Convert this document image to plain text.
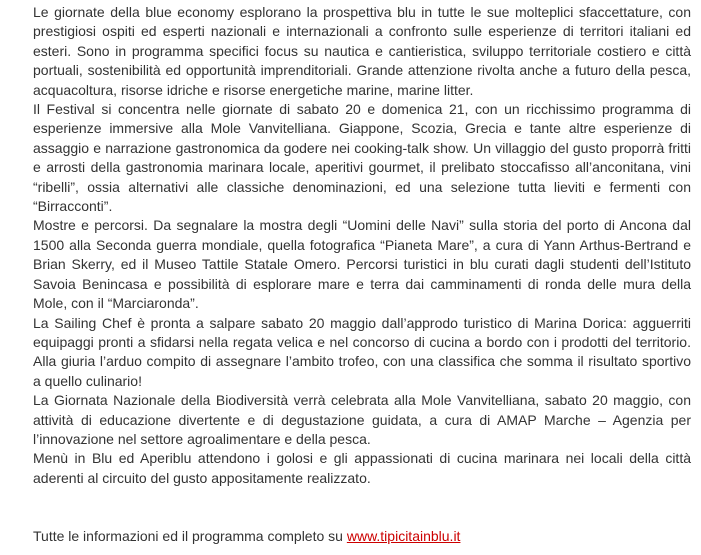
Le giornate della blue economy esplorano la prospettiva blu in tutte le sue molteplici sfaccettature, con prestigiosi ospiti ed esperti nazionali e internazionali a confronto sulle esperienze di territori italiani ed esteri. Sono in programma specifici focus su nautica e cantieristica, sviluppo territoriale costiero e città portuali, sostenibilità ed opportunità imprenditoriali. Grande attenzione rivolta anche a futuro della pesca, acquacoltura, risorse idriche e risorse energetiche marine, marine litter.

Il Festival si concentra nelle giornate di sabato 20 e domenica 21, con un ricchissimo programma di esperienze immersive alla Mole Vanvitelliana. Giappone, Scozia, Grecia e tante altre esperienze di assaggio e narrazione gastronomica da godere nei cooking-talk show. Un villaggio del gusto proporrà fritti e arrosti della gastronomia marinara locale, aperitivi gourmet, il prelibato stoccafisso all’anconitana, vini “ribelli”, ossia alternativi alle classiche denominazioni, ed una selezione tutta lieviti e fermenti con “Birracconti”.

Mostre e percorsi. Da segnalare la mostra degli “Uomini delle Navi” sulla storia del porto di Ancona dal 1500 alla Seconda guerra mondiale, quella fotografica “Pianeta Mare”, a cura di Yann Arthus-Bertrand e Brian Skerry, ed il Museo Tattile Statale Omero. Percorsi turistici in blu curati dagli studenti dell’Istituto Savoia Benincasa e possibilità di esplorare mare e terra dai camminamenti di ronda delle mura della Mole, con il “Marciaronda”.

La Sailing Chef è pronta a salpare sabato 20 maggio dall’approdo turistico di Marina Dorica: agguerriti equipaggi pronti a sfidarsi nella regata velica e nel concorso di cucina a bordo con i prodotti del territorio. Alla giuria l’arduo compito di assegnare l’ambito trofeo, con una classifica che somma il risultato sportivo a quello culinario!

La Giornata Nazionale della Biodiversità verrà celebrata alla Mole Vanvitelliana, sabato 20 maggio, con attività di educazione divertente e di degustazione guidata, a cura di AMAP Marche – Agenzia per l’innovazione nel settore agroalimentare e della pesca.

Menù in Blu ed Aperiblu attendono i golosi e gli appassionati di cucina marinara nei locali della città aderenti al circuito del gusto appositamente realizzato.

Tutte le informazioni ed il programma completo su www.tipicitainblu.it
